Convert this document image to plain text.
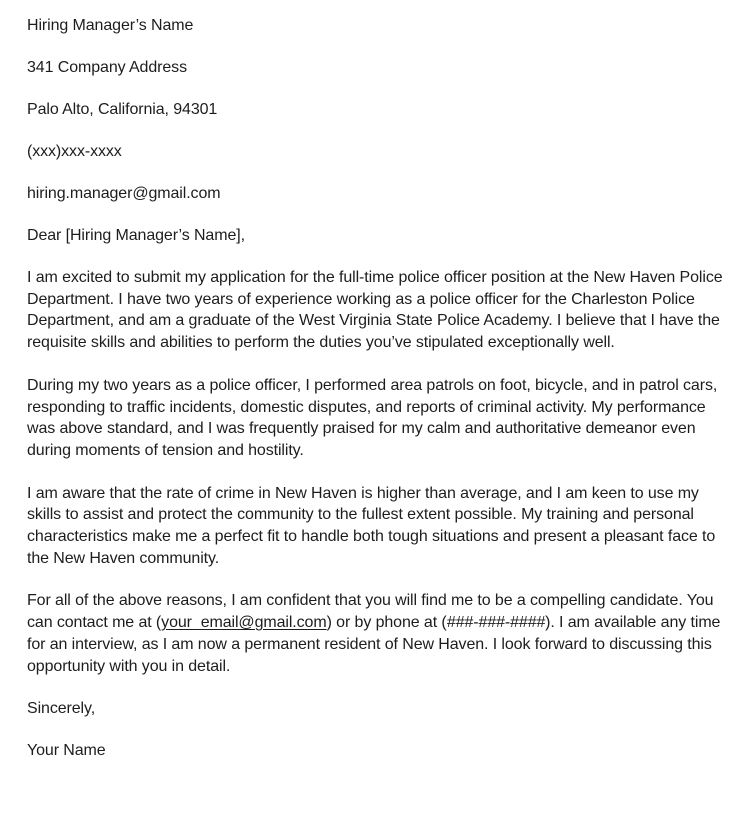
Hiring Manager’s Name

341 Company Address

Palo Alto, California, 94301

(xxx)xxx-xxxx

hiring.manager@gmail.com

Dear [Hiring Manager’s Name],

I am excited to submit my application for the full-time police officer position at the New Haven Police Department. I have two years of experience working as a police officer for the Charleston Police Department, and am a graduate of the West Virginia State Police Academy. I believe that I have the requisite skills and abilities to perform the duties you’ve stipulated exceptionally well.

During my two years as a police officer, I performed area patrols on foot, bicycle, and in patrol cars, responding to traffic incidents, domestic disputes, and reports of criminal activity. My performance was above standard, and I was frequently praised for my calm and authoritative demeanor even during moments of tension and hostility.

I am aware that the rate of crime in New Haven is higher than average, and I am keen to use my skills to assist and protect the community to the fullest extent possible. My training and personal characteristics make me a perfect fit to handle both tough situations and present a pleasant face to the New Haven community.

For all of the above reasons, I am confident that you will find me to be a compelling candidate. You can contact me at (your_email@gmail.com) or by phone at (###-###-####). I am available any time for an interview, as I am now a permanent resident of New Haven. I look forward to discussing this opportunity with you in detail.

Sincerely,

Your Name
